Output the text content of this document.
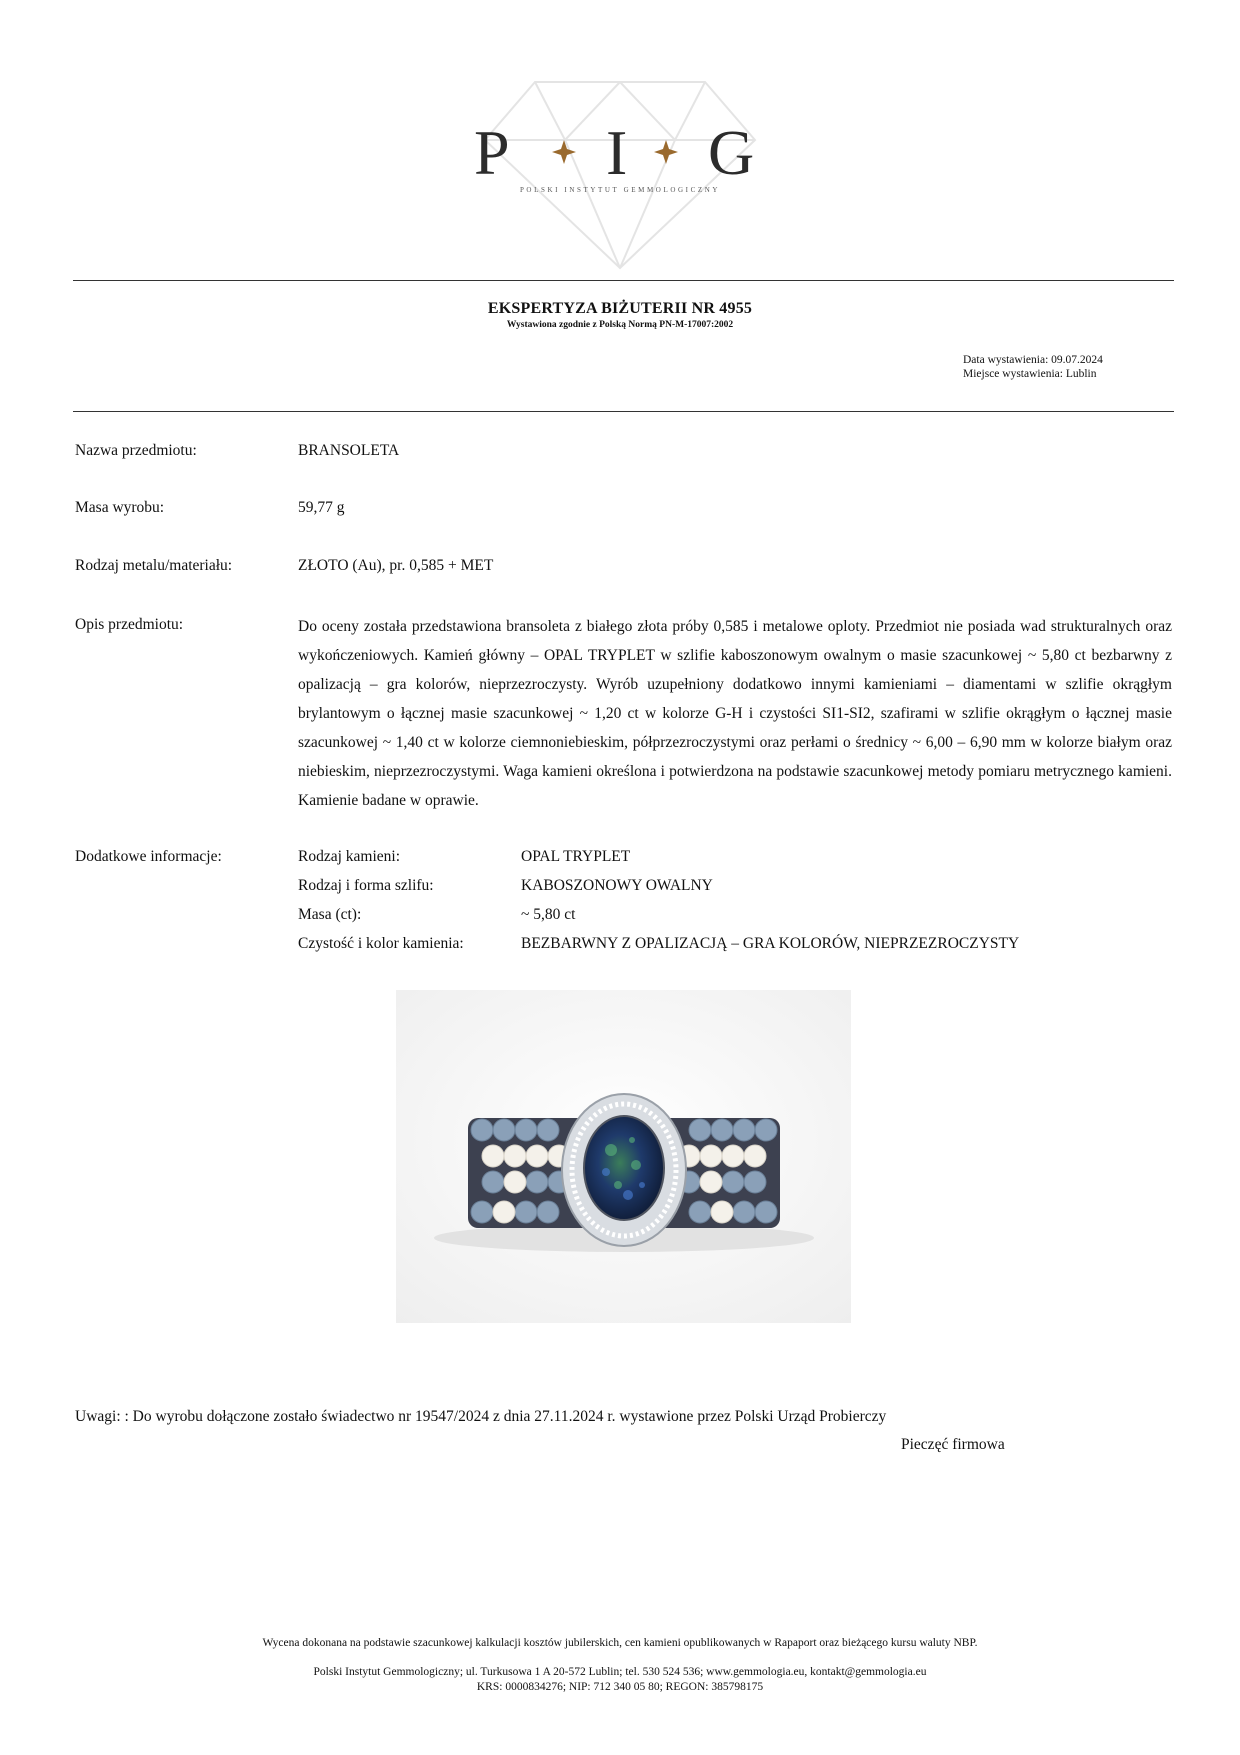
P I G
POLSKI INSTYTUT GEMMOLOGICZNY
EKSPERTYZA BIŻUTERII NR 4955
Wystawiona zgodnie z Polską Normą PN-M-17007:2002
Data wystawienia: 09.07.2024
Miejsce wystawienia: Lublin
Nazwa przedmiotu:	BRANSOLETA
Masa wyrobu:	59,77 g
Rodzaj metalu/materiału:	ZŁOTO (Au), pr. 0,585 + MET
Opis przedmiotu:	Do oceny została przedstawiona bransoleta z białego złota próby 0,585 i metalowe oploty. Przedmiot nie posiada wad strukturalnych oraz wykończeniowych. Kamień główny – OPAL TRYPLET w szlifie kaboszonowym owalnym o masie szacunkowej ~ 5,80 ct bezbarwny z opalizacją – gra kolorów, nieprzezroczysty. Wyrób uzupełniony dodatkowo innymi kamieniami – diamentami w szlifie okrągłym brylantowym o łącznej masie szacunkowej ~ 1,20 ct w kolorze G-H i czystości SI1-SI2, szafirami w szlifie okrągłym o łącznej masie szacunkowej ~ 1,40 ct w kolorze ciemnoniebieskim, półprzezroczystymi oraz perłami o średnicy ~ 6,00 – 6,90 mm w kolorze białym oraz niebieskim, nieprzezroczystymi. Waga kamieni określona i potwierdzona na podstawie szacunkowej metody pomiaru metrycznego kamieni. Kamienie badane w oprawie.
Dodatkowe informacje:	Rodzaj kamieni:	OPAL TRYPLET
Rodzaj i forma szlifu:	KABOSZONOWY OWALNY
Masa (ct):	~ 5,80 ct
Czystość i kolor kamienia:	BEZBARWNY Z OPALIZACJĄ – GRA KOLORÓW, NIEPRZEZROCZYSTY
Uwagi: : Do wyrobu dołączone zostało świadectwo nr 19547/2024 z dnia 27.11.2024 r. wystawione przez Polski Urząd Probierczy
Pieczęć firmowa
Wycena dokonana na podstawie szacunkowej kalkulacji kosztów jubilerskich, cen kamieni opublikowanych w Rapaport oraz bieżącego kursu waluty NBP.
Polski Instytut Gemmologiczny; ul. Turkusowa 1 A 20-572 Lublin; tel. 530 524 536; www.gemmologia.eu, kontakt@gemmologia.eu
KRS: 0000834276; NIP: 712 340 05 80; REGON: 385798175
